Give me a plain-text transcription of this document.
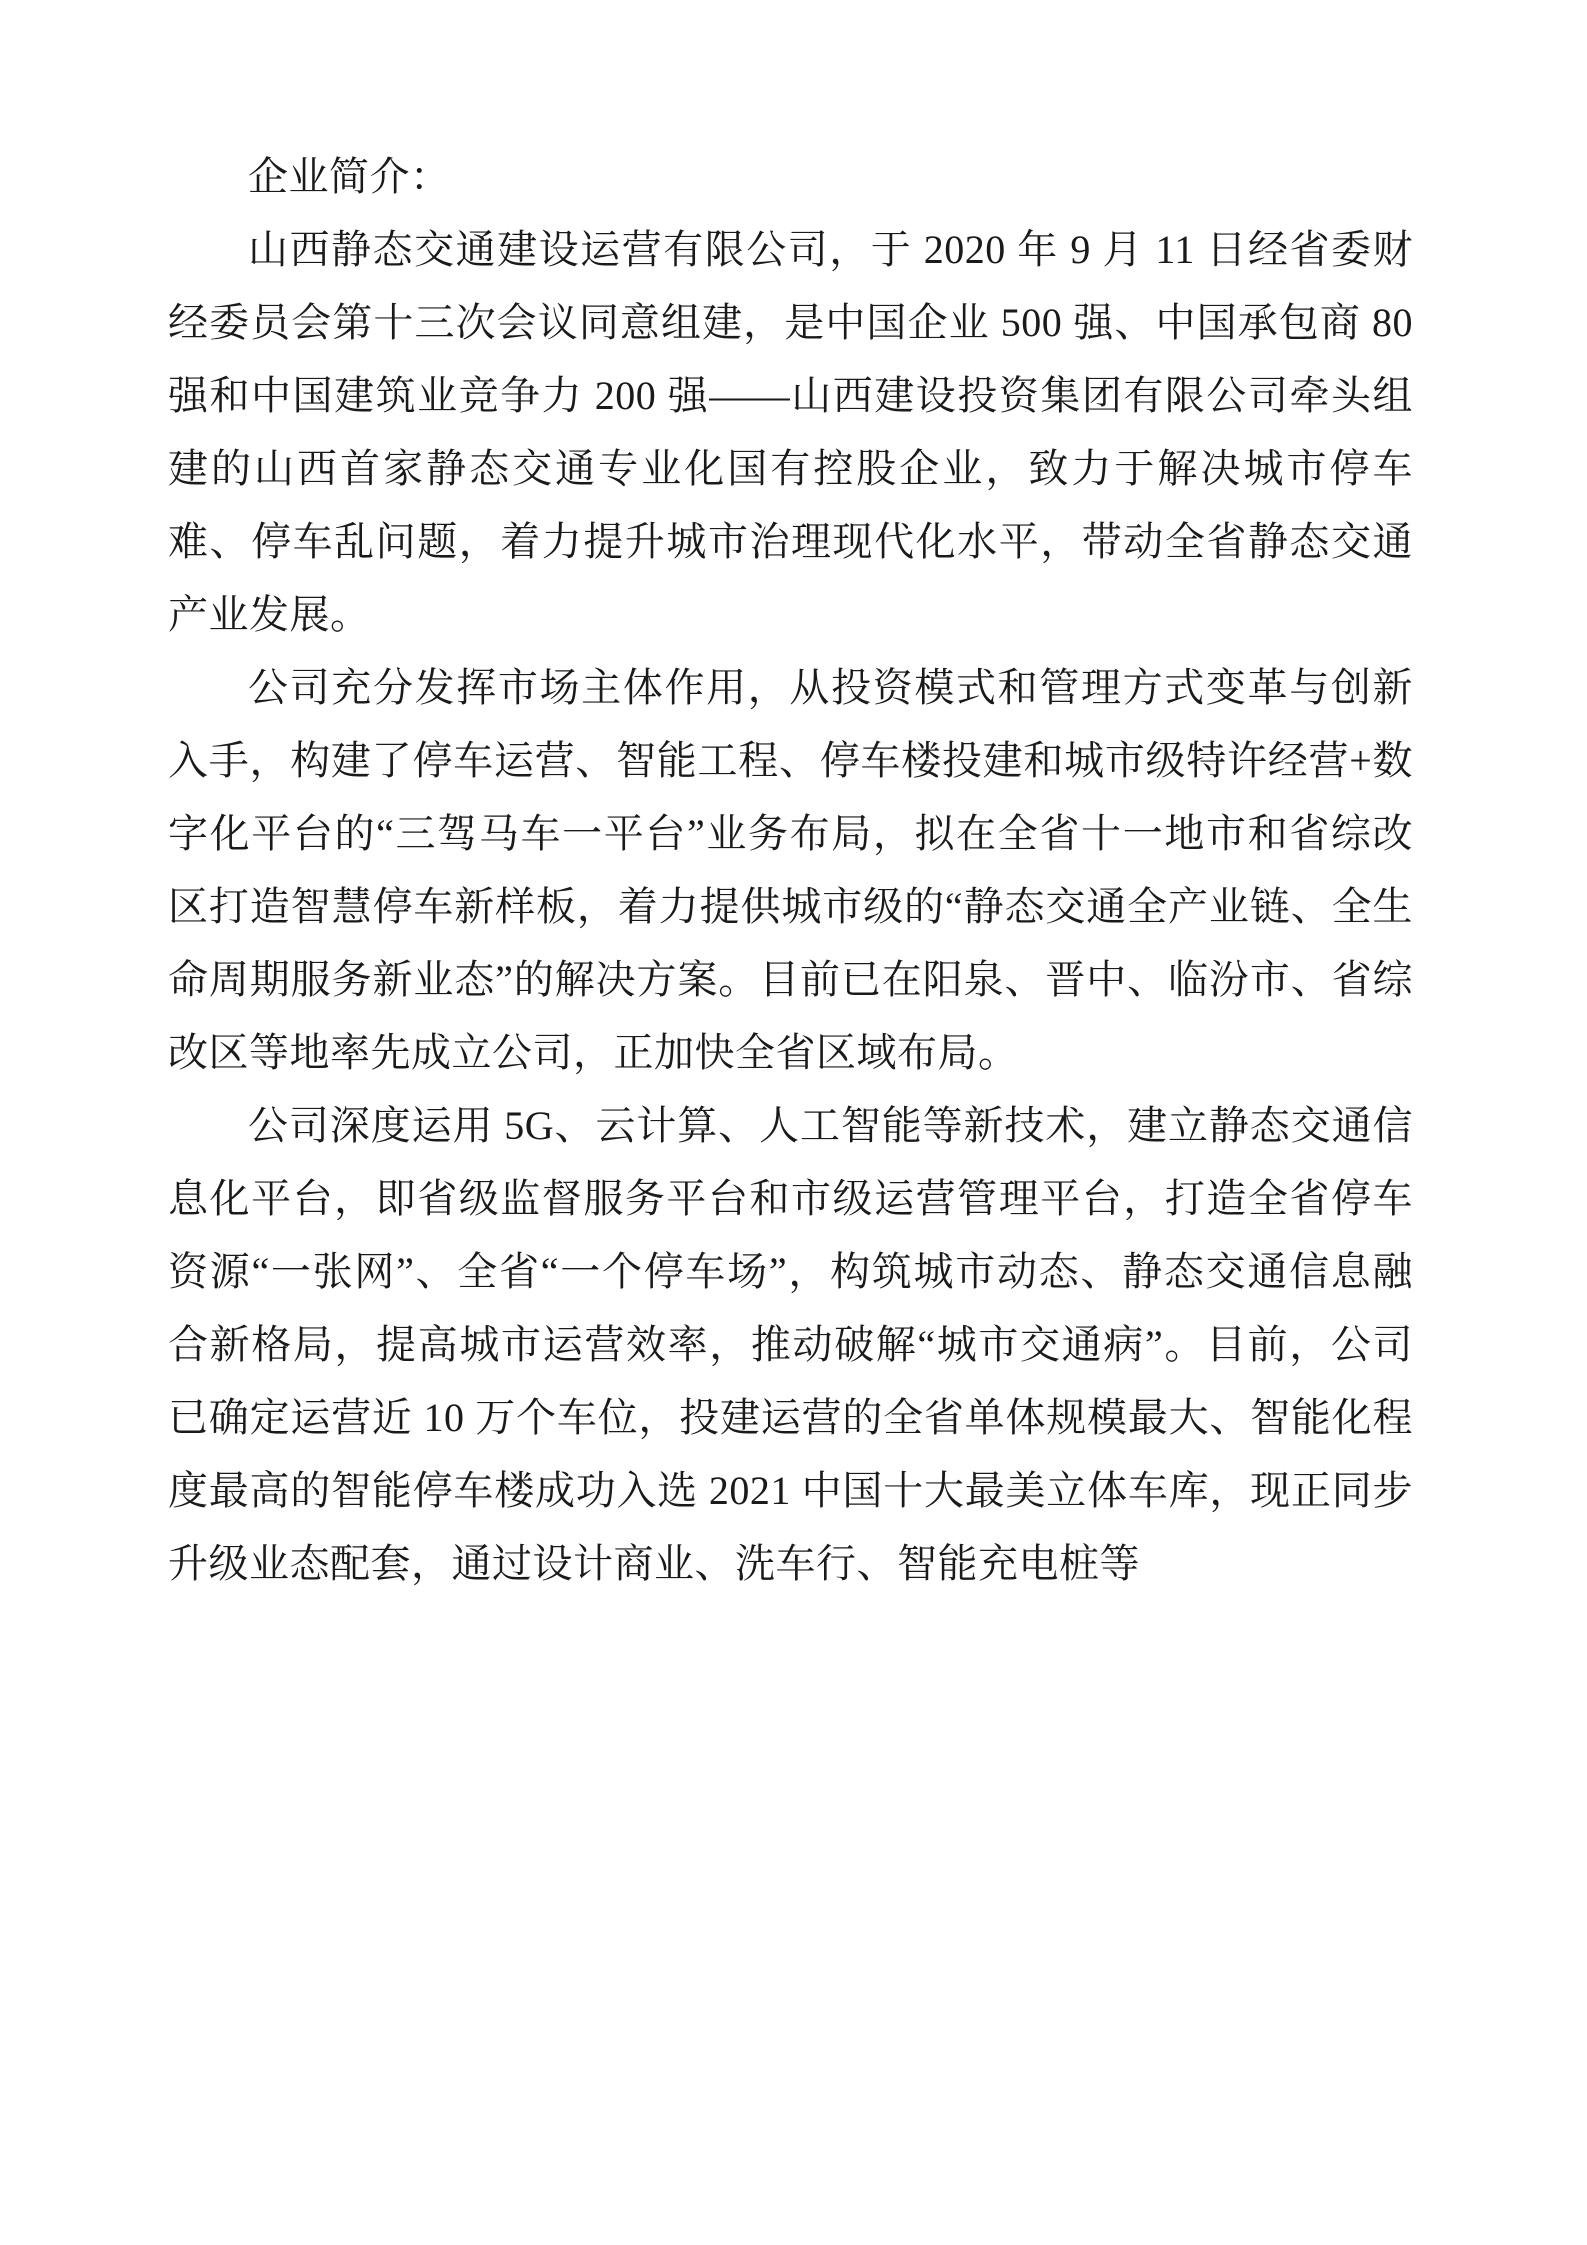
企业简介：

山西静态交通建设运营有限公司，于 2020 年 9 月 11 日经省委财经委员会第十三次会议同意组建，是中国企业 500 强、中国承包商 80 强和中国建筑业竞争力 200 强——山西建设投资集团有限公司牵头组建的山西首家静态交通专业化国有控股企业，致力于解决城市停车难、停车乱问题，着力提升城市治理现代化水平，带动全省静态交通产业发展。

公司充分发挥市场主体作用，从投资模式和管理方式变革与创新入手，构建了停车运营、智能工程、停车楼投建和城市级特许经营+数字化平台的“三驾马车一平台”业务布局，拟在全省十一地市和省综改区打造智慧停车新样板，着力提供城市级的“静态交通全产业链、全生命周期服务新业态”的解决方案。目前已在阳泉、晋中、临汾市、省综改区等地率先成立公司，正加快全省区域布局。

公司深度运用 5G、云计算、人工智能等新技术，建立静态交通信息化平台，即省级监督服务平台和市级运营管理平台，打造全省停车资源“一张网”、全省“一个停车场”，构筑城市动态、静态交通信息融合新格局，提高城市运营效率，推动破解“城市交通病”。目前，公司已确定运营近 10 万个车位，投建运营的全省单体规模最大、智能化程度最高的智能停车楼成功入选 2021 中国十大最美立体车库，现正同步升级业态配套，通过设计商业、洗车行、智能充电桩等
